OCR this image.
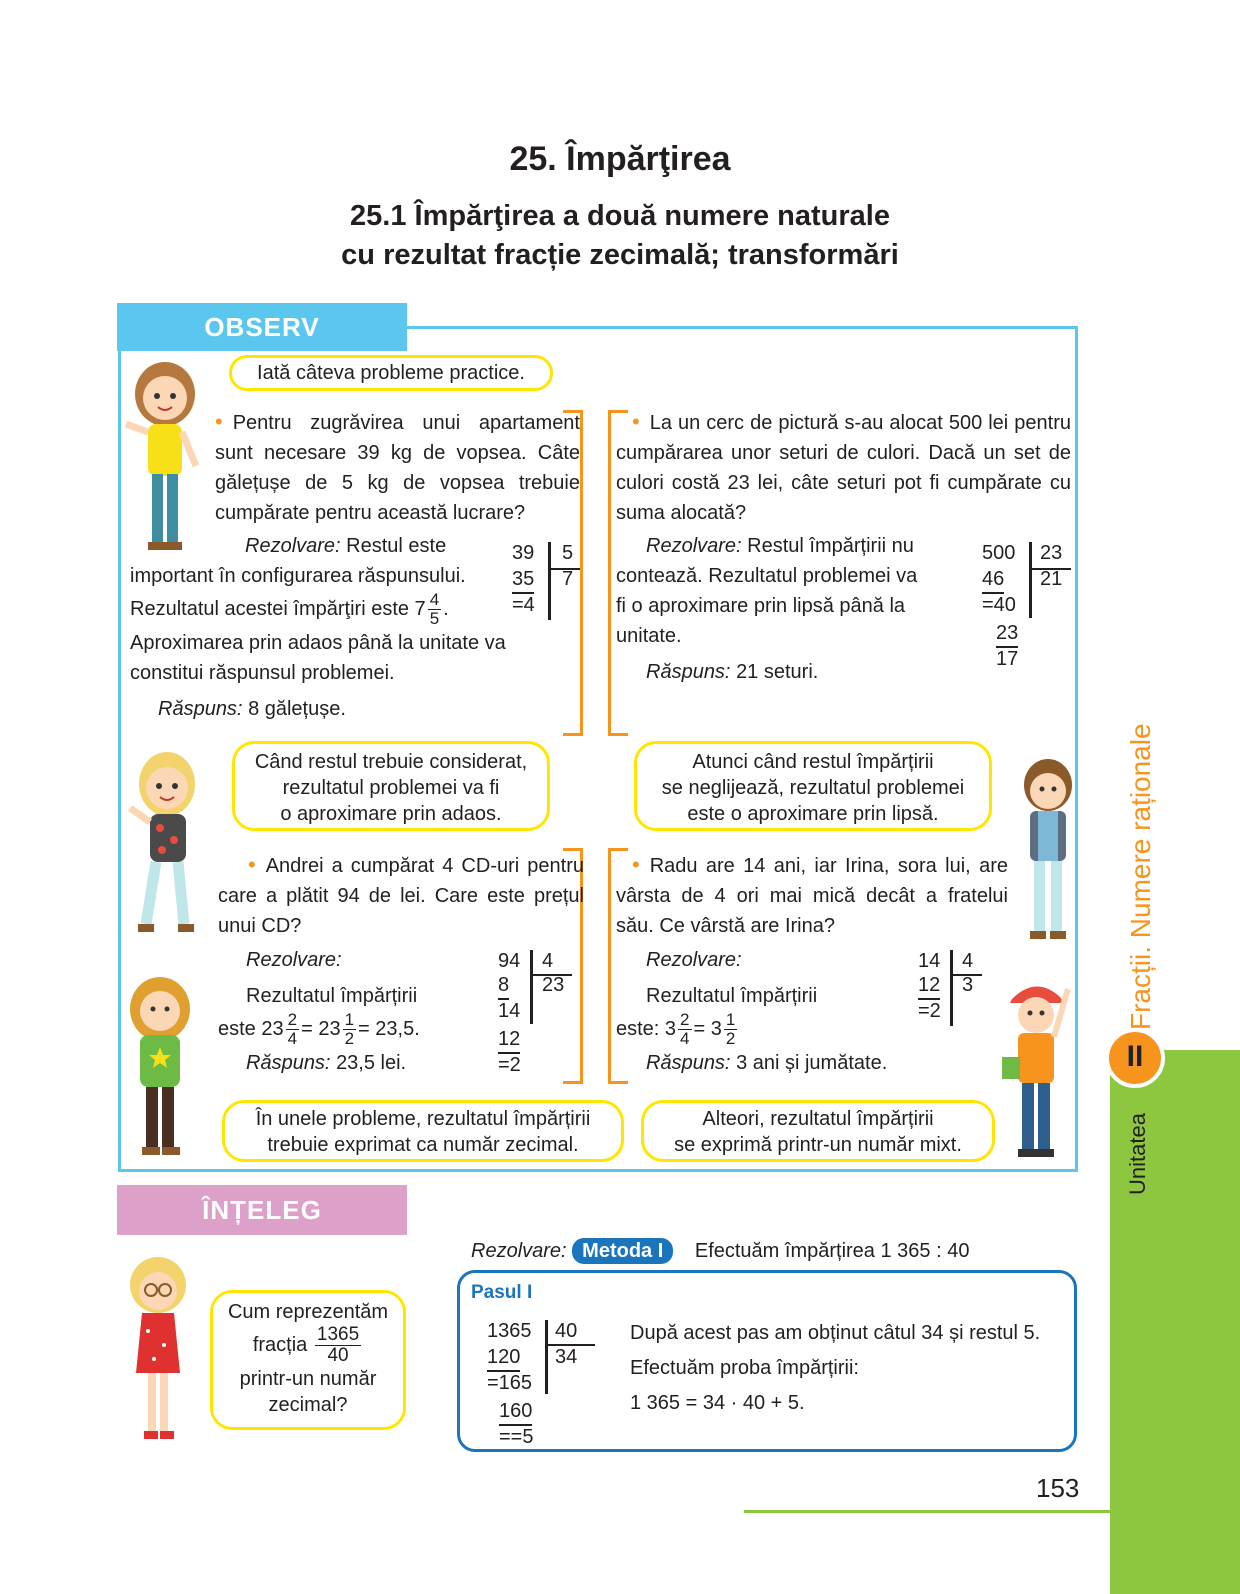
25. Împărţirea
25.1 Împărţirea a două numere naturale
cu rezultat fracție zecimală; transformări
OBSERV
Iată câteva probleme practice.
• Pentru zugrăvirea unui apartament sunt necesare 39 kg de vopsea. Câte gălețușe de 5 kg de vopsea trebuie cumpărate pentru această lucrare?
Rezolvare: Restul este
important în configurarea răspunsului.
Rezultatul acestei împărţiri este $7 \frac{4}{5}$ .
Aproximarea prin adaos până la unitate va
constitui răspunsul problemei.
Răspuns: 8 gălețușe.
39 5
35 7
=4
• La un cerc de pictură s-au alocat 500 lei pentru cumpărarea unor seturi de culori. Dacă un set de culori costă 23 lei, câte seturi pot fi cumpărate cu suma alocată?
Rezolvare: Restul împărțirii nu
contează. Rezultatul problemei va
fi o aproximare prin lipsă până la
unitate.
Răspuns: 21 seturi.
500 23
46 21
=40
23
17
Când restul trebuie considerat,
rezultatul problemei va fi
o aproximare prin adaos.
Atunci când restul împărțirii
se neglijează, rezultatul problemei
este o aproximare prin lipsă.
• Andrei a cumpărat 4 CD-uri pentru care a plătit 94 de lei. Care este prețul unui CD?
Rezolvare:
Rezultatul împărțirii
este $23 \frac{2}{4} = 23 \frac{1}{2} = 23,5$.
Răspuns: 23,5 lei.
94 4
8 23
14
12
=2
• Radu are 14 ani, iar Irina, sora lui, are vârsta de 4 ori mai mică decât a fratelui său. Ce vârstă are Irina?
Rezolvare:
Rezultatul împărțirii
este: $3 \frac{2}{4} = 3 \frac{1}{2}$
Răspuns: 3 ani și jumătate.
14 4
12 3
=2
În unele probleme, rezultatul împărțirii
trebuie exprimat ca număr zecimal.
Alteori, rezultatul împărțirii
se exprimă printr-un număr mixt.
ÎNȚELEG
Cum reprezentăm
fracția $\frac{1365}{40}$
printr-un număr
zecimal?
Rezolvare: Metoda I Efectuăm împărțirea 1 365 : 40
Pasul I
1365 40
120 34
=165
160
==5
După acest pas am obținut câtul 34 și restul 5.
Efectuăm proba împărțirii:
1 365 = 34 · 40 + 5.
153
II
Fracții. Numere raționale
Unitatea
